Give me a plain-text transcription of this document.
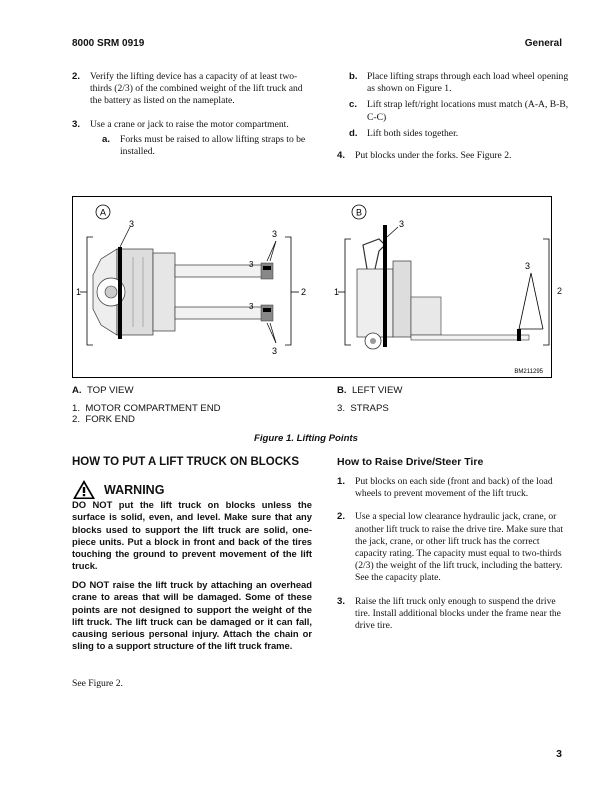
8000 SRM 0919	General
2. Verify the lifting device has a capacity of at least two-thirds (2/3) of the combined weight of the lift truck and the battery as listed on the nameplate.
3. Use a crane or jack to raise the motor compartment.
a. Forks must be raised to allow lifting straps to be installed.
b. Place lifting straps through each load wheel opening as shown on Figure 1.
c. Lift strap left/right locations must match (A-A, B-B, C-C)
d. Lift both sides together.
4. Put blocks under the forks. See Figure 2.
A
1
3
3
3
3
3
2
B
1
3
3
BM211295
2
A. TOP VIEW
1. MOTOR COMPARTMENT END
2. FORK END
B. LEFT VIEW
3. STRAPS
Figure 1. Lifting Points
HOW TO PUT A LIFT TRUCK ON BLOCKS
WARNING
DO NOT put the lift truck on blocks unless the surface is solid, even, and level. Make sure that any blocks used to support the lift truck are solid, one-piece units. Put a block in front and back of the tires touching the ground to prevent movement of the lift truck.
DO NOT raise the lift truck by attaching an overhead crane to areas that will be damaged. Some of these points are not designed to support the weight of the lift truck. The lift truck can be damaged or it can fall, causing serious personal injury. Attach the chain or sling to a support structure of the lift truck frame.
See Figure 2.
How to Raise Drive/Steer Tire
1. Put blocks on each side (front and back) of the load wheels to prevent movement of the lift truck.
2. Use a special low clearance hydraulic jack, crane, or another lift truck to raise the drive tire. Make sure that the jack, crane, or other lift truck has the correct capacity rating. The capacity must equal to two-thirds (2/3) the weight of the lift truck, including the battery. See the capacity plate.
3. Raise the lift truck only enough to suspend the drive tire. Install additional blocks under the frame near the drive tire.
3
